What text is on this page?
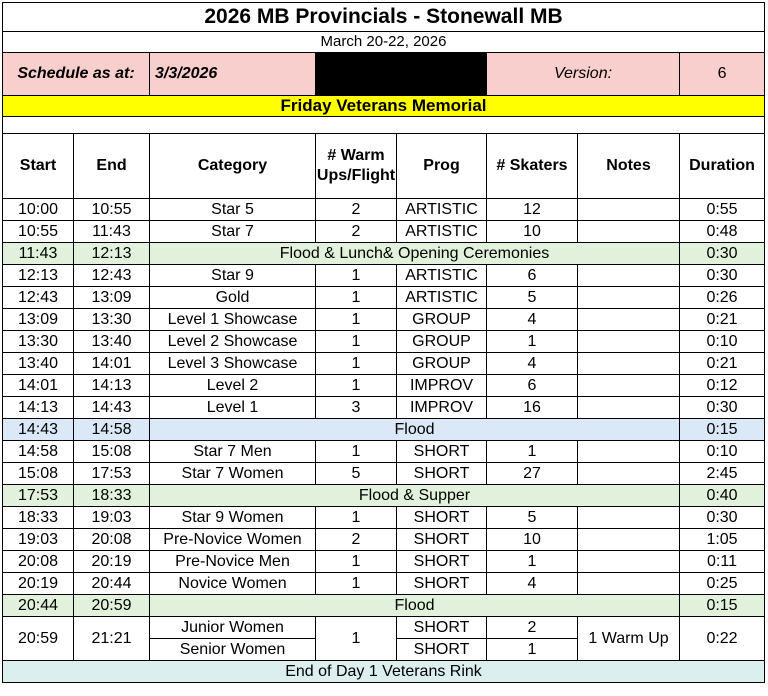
2026 MB Provincials - Stonewall MB							
March 20-22, 2026							
Schedule as at:		3/3/2026			Version:		6
Friday Veterans Memorial							

Start	End	Category	# Warm Ups/Flight	Prog	# Skaters	Notes	Duration
10:00	10:55	Star 5	2	ARTISTIC	12		0:55
10:55	11:43	Star 7	2	ARTISTIC	10		0:48
11:43	12:13	Flood & Lunch& Opening Ceremonies					0:30
12:13	12:43	Star 9	1	ARTISTIC	6		0:30
12:43	13:09	Gold	1	ARTISTIC	5		0:26
13:09	13:30	Level 1 Showcase	1	GROUP	4		0:21
13:30	13:40	Level 2 Showcase	1	GROUP	1		0:10
13:40	14:01	Level 3 Showcase	1	GROUP	4		0:21
14:01	14:13	Level 2	1	IMPROV	6		0:12
14:13	14:43	Level 1	3	IMPROV	16		0:30
14:43	14:58	Flood					0:15
14:58	15:08	Star 7 Men	1	SHORT	1		0:10
15:08	17:53	Star 7 Women	5	SHORT	27		2:45
17:53	18:33	Flood & Supper					0:40
18:33	19:03	Star 9 Women	1	SHORT	5		0:30
19:03	20:08	Pre-Novice Women	2	SHORT	10		1:05
20:08	20:19	Pre-Novice Men	1	SHORT	1		0:11
20:19	20:44	Novice Women	1	SHORT	4		0:25
20:44	20:59	Flood					0:15
20:59	21:21	Junior Women	1	SHORT	2	1 Warm Up	0:22
		Senior Women		SHORT	1		
End of Day 1 Veterans Rink							
